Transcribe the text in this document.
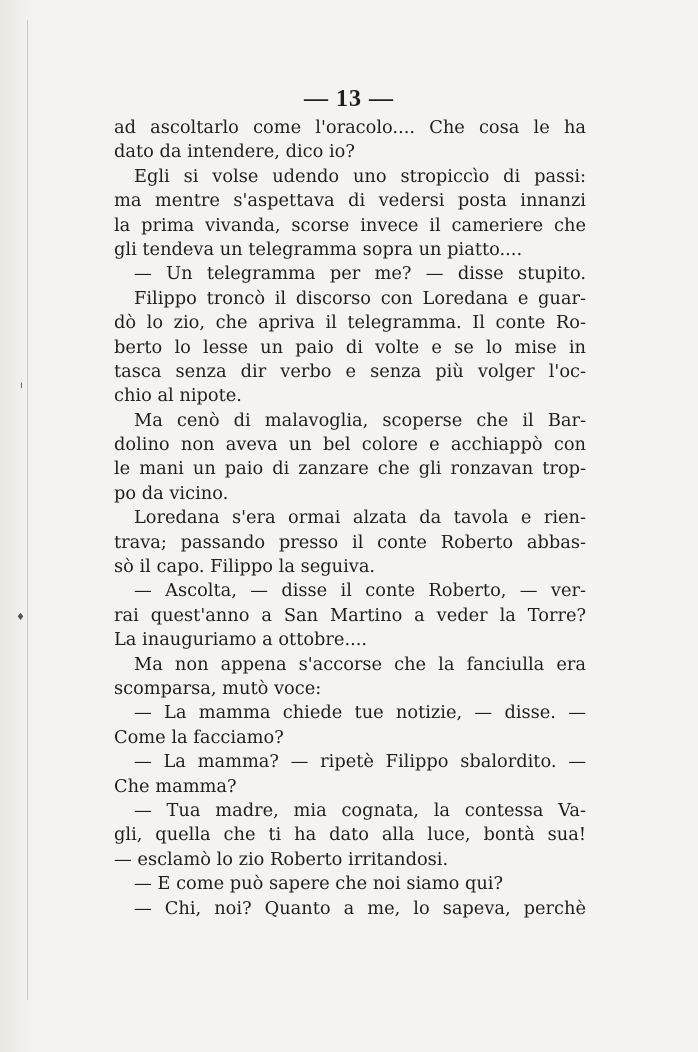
ı
♦
— 13 —
ad ascoltarlo come l'oracolo.... Che cosa le ha
dato da intendere, dico io?
Egli si volse udendo uno stropiccìo di passi:
ma mentre s'aspettava di vedersi posta innanzi
la prima vivanda, scorse invece il cameriere che
gli tendeva un telegramma sopra un piatto....
— Un telegramma per me? — disse stupito.
Filippo troncò il discorso con Loredana e guar-
dò lo zio, che apriva il telegramma. Il conte Ro-
berto lo lesse un paio di volte e se lo mise in
tasca senza dir verbo e senza più volger l'oc-
chio al nipote.
Ma cenò di malavoglia, scoperse che il Bar-
dolino non aveva un bel colore e acchiappò con
le mani un paio di zanzare che gli ronzavan trop-
po da vicino.
Loredana s'era ormai alzata da tavola e rien-
trava; passando presso il conte Roberto abbas-
sò il capo. Filippo la seguiva.
— Ascolta, — disse il conte Roberto, — ver-
rai quest'anno a San Martino a veder la Torre?
La inauguriamo a ottobre....
Ma non appena s'accorse che la fanciulla era
scomparsa, mutò voce:
— La mamma chiede tue notizie, — disse. —
Come la facciamo?
— La mamma? — ripetè Filippo sbalordito. —
Che mamma?
— Tua madre, mia cognata, la contessa Va-
gli, quella che ti ha dato alla luce, bontà sua!
— esclamò lo zio Roberto irritandosi.
— E come può sapere che noi siamo qui?
— Chi, noi? Quanto a me, lo sapeva, perchè
